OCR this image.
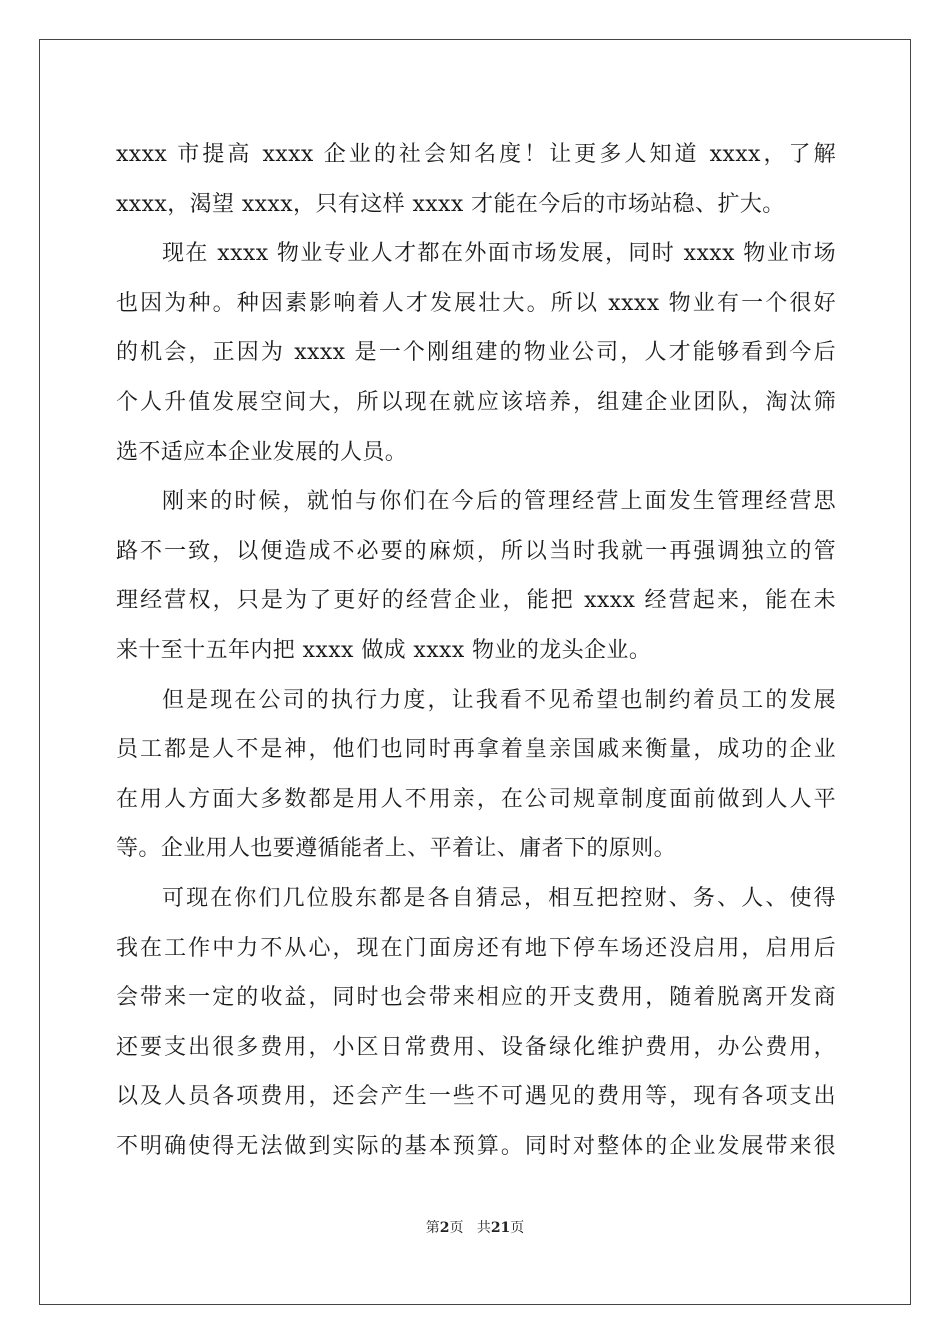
xxxx 市提高 xxxx 企业的社会知名度！让更多人知道 xxxx，了解
xxxx，渴望 xxxx，只有这样 xxxx 才能在今后的市场站稳、扩大。
现在 xxxx 物业专业人才都在外面市场发展，同时 xxxx 物业市场
也因为种。种因素影响着人才发展壮大。所以 xxxx 物业有一个很好
的机会，正因为 xxxx 是一个刚组建的物业公司，人才能够看到今后
个人升值发展空间大，所以现在就应该培养，组建企业团队，淘汰筛
选不适应本企业发展的人员。
刚来的时候，就怕与你们在今后的管理经营上面发生管理经营思
路不一致，以便造成不必要的麻烦，所以当时我就一再强调独立的管
理经营权，只是为了更好的经营企业，能把 xxxx 经营起来，能在未
来十至十五年内把 xxxx 做成 xxxx 物业的龙头企业。
但是现在公司的执行力度，让我看不见希望也制约着员工的发展
员工都是人不是神，他们也同时再拿着皇亲国戚来衡量，成功的企业
在用人方面大多数都是用人不用亲，在公司规章制度面前做到人人平
等。企业用人也要遵循能者上、平着让、庸者下的原则。
可现在你们几位股东都是各自猜忌，相互把控财、务、人、使得
我在工作中力不从心，现在门面房还有地下停车场还没启用，启用后
会带来一定的收益，同时也会带来相应的开支费用，随着脱离开发商
还要支出很多费用，小区日常费用、设备绿化维护费用，办公费用，
以及人员各项费用，还会产生一些不可遇见的费用等，现有各项支出
不明确使得无法做到实际的基本预算。同时对整体的企业发展带来很
第2页 共21页
